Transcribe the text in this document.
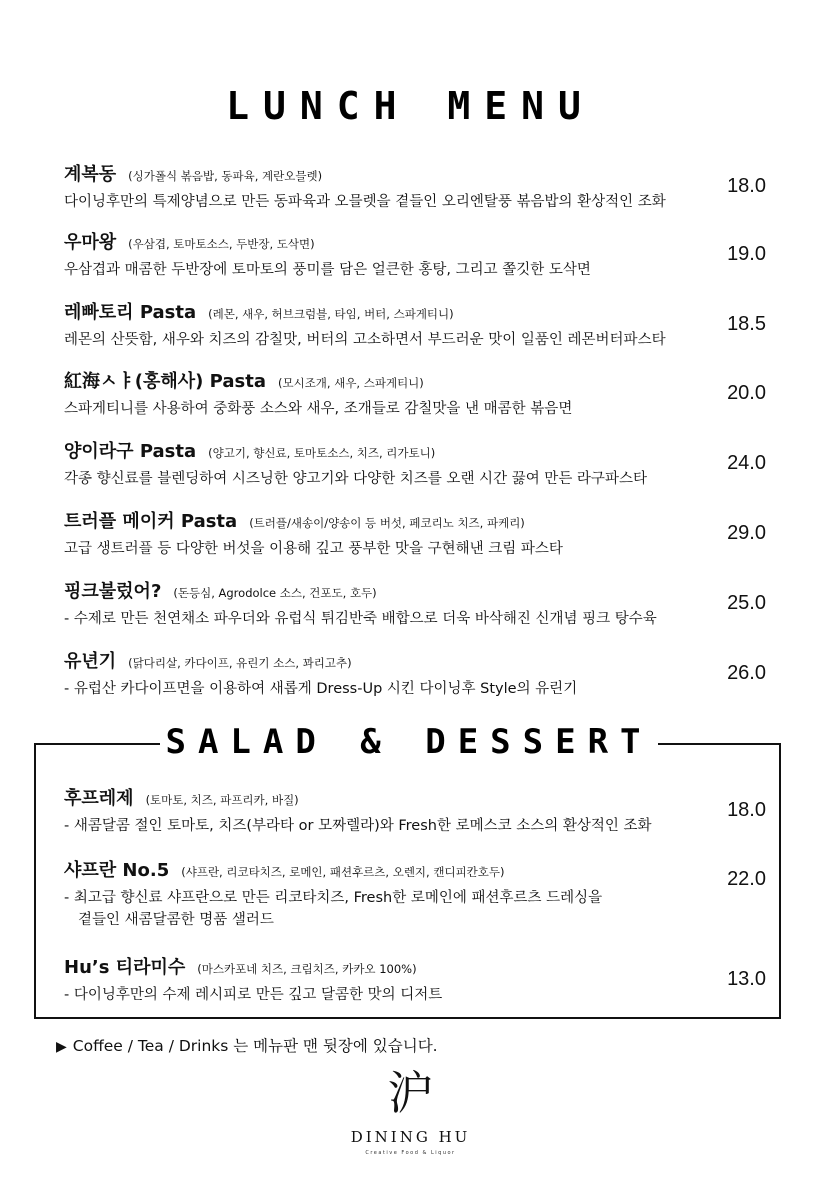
LUNCH MENU
계복동 (싱가폴식 볶음밥, 동파육, 계란오믈렛)
다이닝후만의 특제양념으로 만든 동파육과 오믈렛을 곁들인 오리엔탈풍 볶음밥의 환상적인 조화
18.0
우마왕 (우삼겹, 토마토소스, 두반장, 도삭면)
우삼겹과 매콤한 두반장에 토마토의 풍미를 담은 얼큰한 홍탕, 그리고 쫄깃한 도삭면
19.0
레빠토리 Pasta (레몬, 새우, 허브크럼블, 타임, 버터, 스파게티니)
레몬의 산뜻함, 새우와 치즈의 감칠맛, 버터의 고소하면서 부드러운 맛이 일품인 레몬버터파스타
18.5
紅海ㅅㅑ(홍해사) Pasta (모시조개, 새우, 스파게티니)
스파게티니를 사용하여 중화풍 소스와 새우, 조개들로 감칠맛을 낸 매콤한 볶음면
20.0
양이라구 Pasta (양고기, 향신료, 토마토소스, 치즈, 리가토니)
각종 향신료를 블렌딩하여 시즈닝한 양고기와 다양한 치즈를 오랜 시간 끓여 만든 라구파스타
24.0
트러플 메이커 Pasta (트러플/새송이/양송이 등 버섯, 페코리노 치즈, 파케리)
고급 생트러플 등 다양한 버섯을 이용해 깊고 풍부한 맛을 구현해낸 크림 파스타
29.0
핑크불렀어? (돈등심, Agrodolce 소스, 건포도, 호두)
- 수제로 만든 천연채소 파우더와 유럽식 튀김반죽 배합으로 더욱 바삭해진 신개념 핑크 탕수육
25.0
유년기 (닭다리살, 카다이프, 유린기 소스, 꽈리고추)
- 유럽산 카다이프면을 이용하여 새롭게 Dress-Up 시킨 다이닝후 Style의 유린기
26.0
SALAD & DESSERT
후프레제 (토마토, 치즈, 파프리카, 바질)
- 새콤달콤 절인 토마토, 치즈(부라타 or 모짜렐라)와 Fresh한 로메스코 소스의 환상적인 조화
18.0
샤프란 No.5 (샤프란, 리코타치즈, 로메인, 패션후르츠, 오렌지, 캔디피칸호두)
- 최고급 향신료 샤프란으로 만든 리코타치즈, Fresh한 로메인에 패션후르츠 드레싱을
곁들인 새콤달콤한 명품 샐러드
22.0
Hu’s 티라미수 (마스카포네 치즈, 크림치즈, 카카오 100%)
- 다이닝후만의 수제 레시피로 만든 깊고 달콤한 맛의 디저트
13.0
▶ Coffee / Tea / Drinks 는 메뉴판 맨 뒷장에 있습니다.
沪
DINING HU
Creative Food & Liquor
